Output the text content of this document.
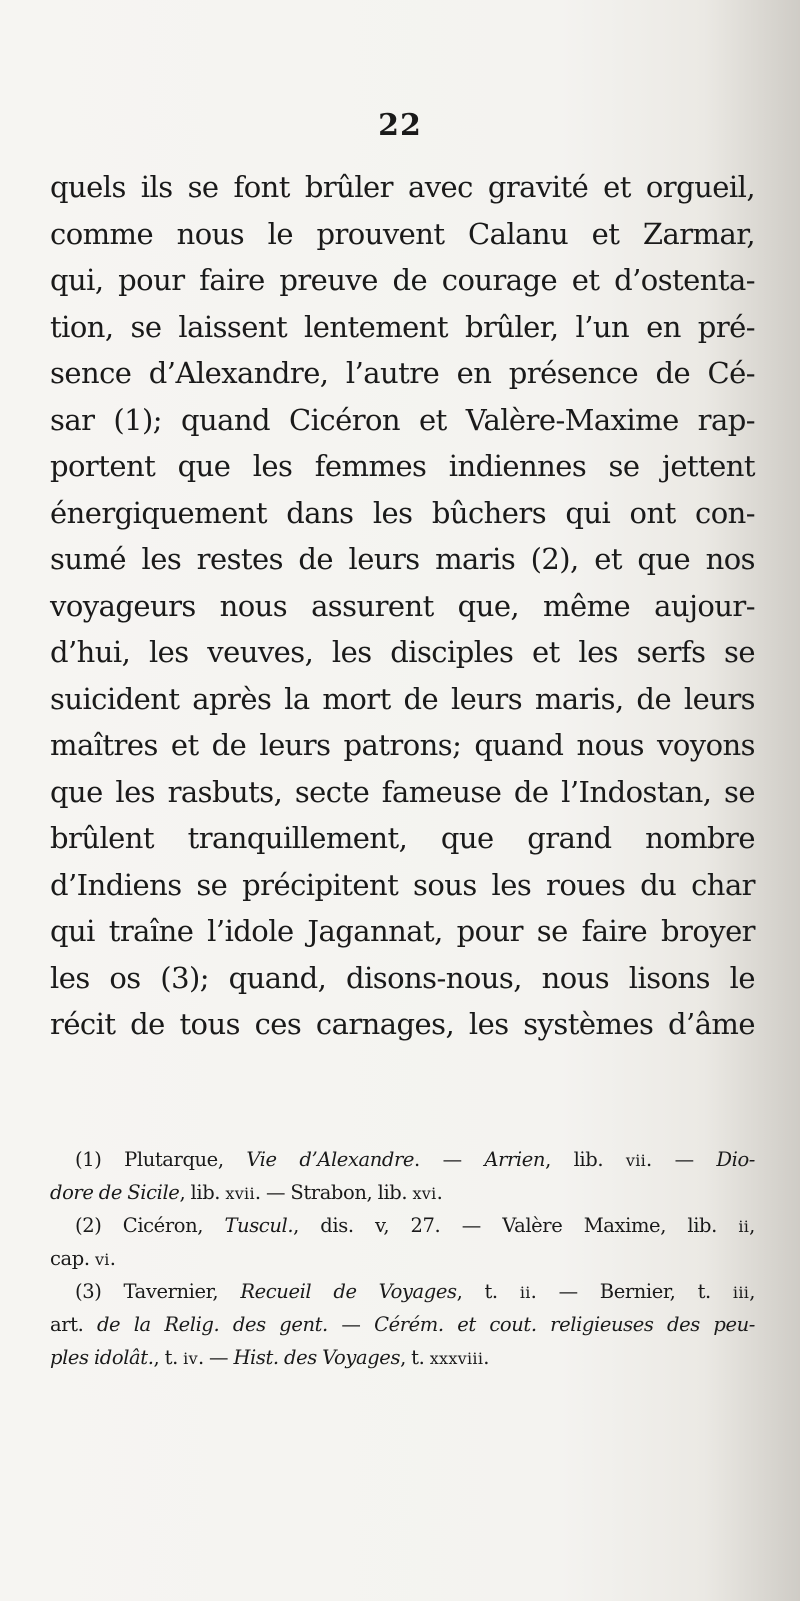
22
quels ils se font brûler avec gravité et orgueil,
comme nous le prouvent Calanu et Zarmar,
qui, pour faire preuve de courage et d’ostenta-
tion, se laissent lentement brûler, l’un en pré-
sence d’Alexandre, l’autre en présence de Cé-
sar (1); quand Cicéron et Valère-Maxime rap-
portent que les femmes indiennes se jettent
énergiquement dans les bûchers qui ont con-
sumé les restes de leurs maris (2), et que nos
voyageurs nous assurent que, même aujour-
d’hui, les veuves, les disciples et les serfs se
suicident après la mort de leurs maris, de leurs
maîtres et de leurs patrons; quand nous voyons
que les rasbuts, secte fameuse de l’Indostan, se
brûlent tranquillement, que grand nombre
d’Indiens se précipitent sous les roues du char
qui traîne l’idole Jagannat, pour se faire broyer
les os (3); quand, disons-nous, nous lisons le
récit de tous ces carnages, les systèmes d’âme
(1) Plutarque, Vie d’Alexandre. — Arrien, lib. vii. — Dio-
dore de Sicile, lib. xvii. — Strabon, lib. xvi.
(2) Cicéron, Tuscul., dis. v, 27. — Valère Maxime, lib. ii,
cap. vi.
(3) Tavernier, Recueil de Voyages, t. ii. — Bernier, t. iii,
art. de la Relig. des gent. — Cérém. et cout. religieuses des peu-
ples idolât., t. iv. — Hist. des Voyages, t. xxxviii.
